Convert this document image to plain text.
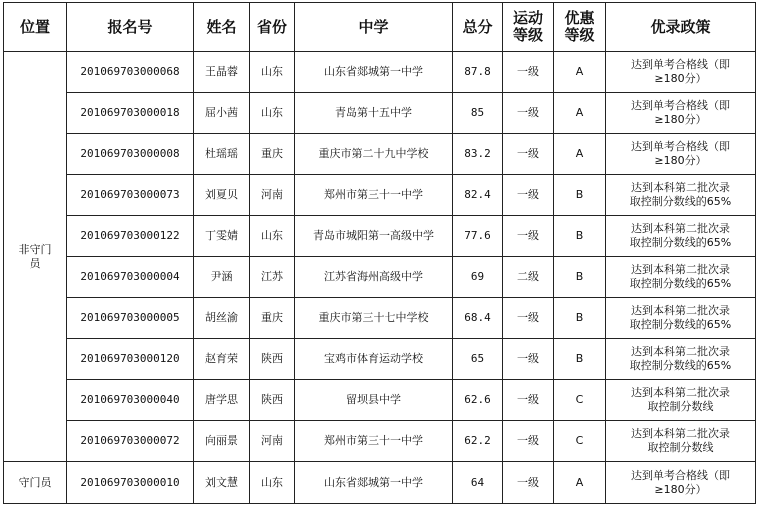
位置	报名号	姓名	省份	中学	总分	运动等级	优惠等级	优录政策

非守门员	201069703000068	王晶蓉	山东	山东省郯城第一中学	87.8	一级	A	达到单考合格线（即≥180分）

	201069703000018	屈小茜	山东	青岛第十五中学	85	一级	A	达到单考合格线（即≥180分）

	201069703000008	杜瑶瑶	重庆	重庆市第二十九中学校	83.2	一级	A	达到单考合格线（即≥180分）

	201069703000073	刘夏贝	河南	郑州市第三十一中学	82.4	一级	B	达到本科第二批次录取控制分数线的65%

	201069703000122	丁雯婧	山东	青岛市城阳第一高级中学	77.6	一级	B	达到本科第二批次录取控制分数线的65%

	201069703000004	尹涵	江苏	江苏省海州高级中学	69	二级	B	达到本科第二批次录取控制分数线的65%

	201069703000005	胡丝渝	重庆	重庆市第三十七中学校	68.4	一级	B	达到本科第二批次录取控制分数线的65%

	201069703000120	赵育荣	陕西	宝鸡市体育运动学校	65	一级	B	达到本科第二批次录取控制分数线的65%

	201069703000040	唐学思	陕西	留坝县中学	62.6	一级	C	达到本科第二批次录取控制分数线

	201069703000072	向丽景	河南	郑州市第三十一中学	62.2	一级	C	达到本科第二批次录取控制分数线

守门员	201069703000010	刘文慧	山东	山东省郯城第一中学	64	一级	A	达到单考合格线（即≥180分）
